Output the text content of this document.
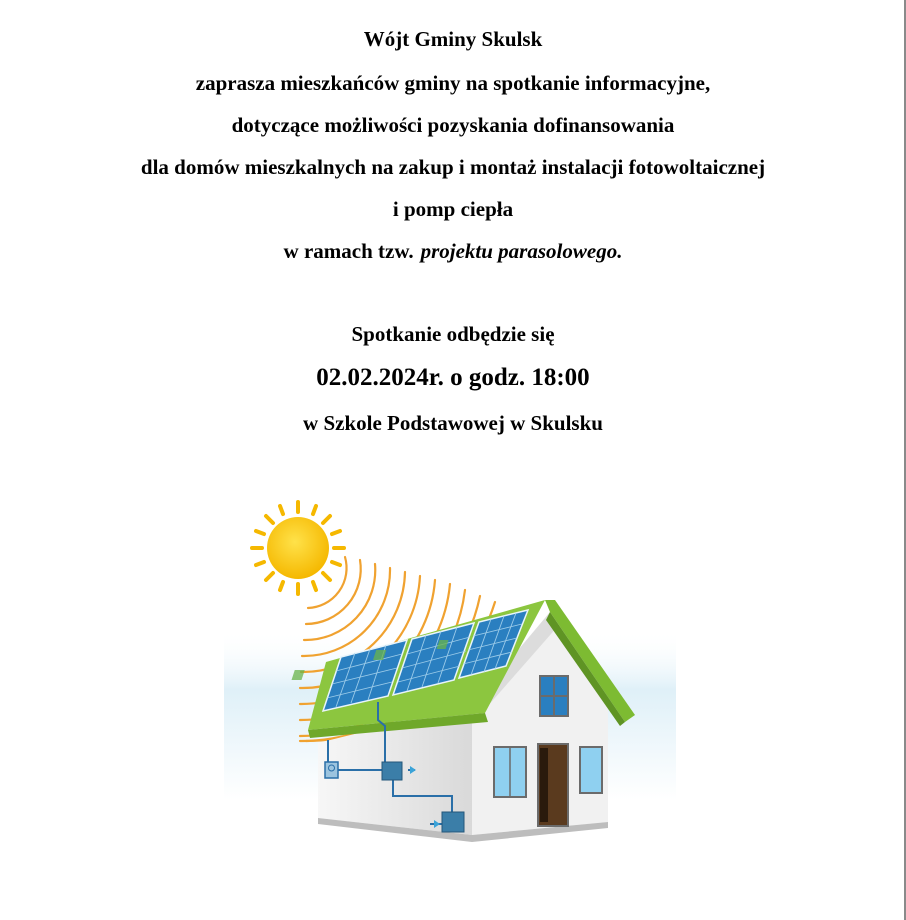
Wójt Gminy Skulsk
zaprasza mieszkańców gminy na spotkanie informacyjne,
dotyczące możliwości pozyskania dofinansowania
dla domów mieszkalnych na zakup i montaż instalacji fotowoltaicznej
i pomp ciepła
w ramach tzw. projektu parasolowego.
Spotkanie odbędzie się
02.02.2024r. o godz. 18:00
w Szkole Podstawowej w Skulsku
